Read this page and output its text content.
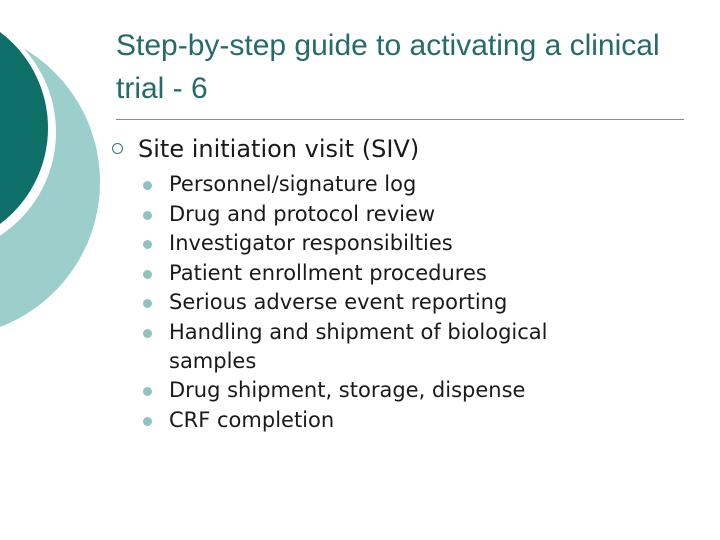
Step-by-step guide to activating a clinical trial - 6
Site initiation visit (SIV)
Personnel/signature log
Drug and protocol review
Investigator responsibilties
Patient enrollment procedures
Serious adverse event reporting
Handling and shipment of biological samples
Drug shipment, storage, dispense
CRF completion
